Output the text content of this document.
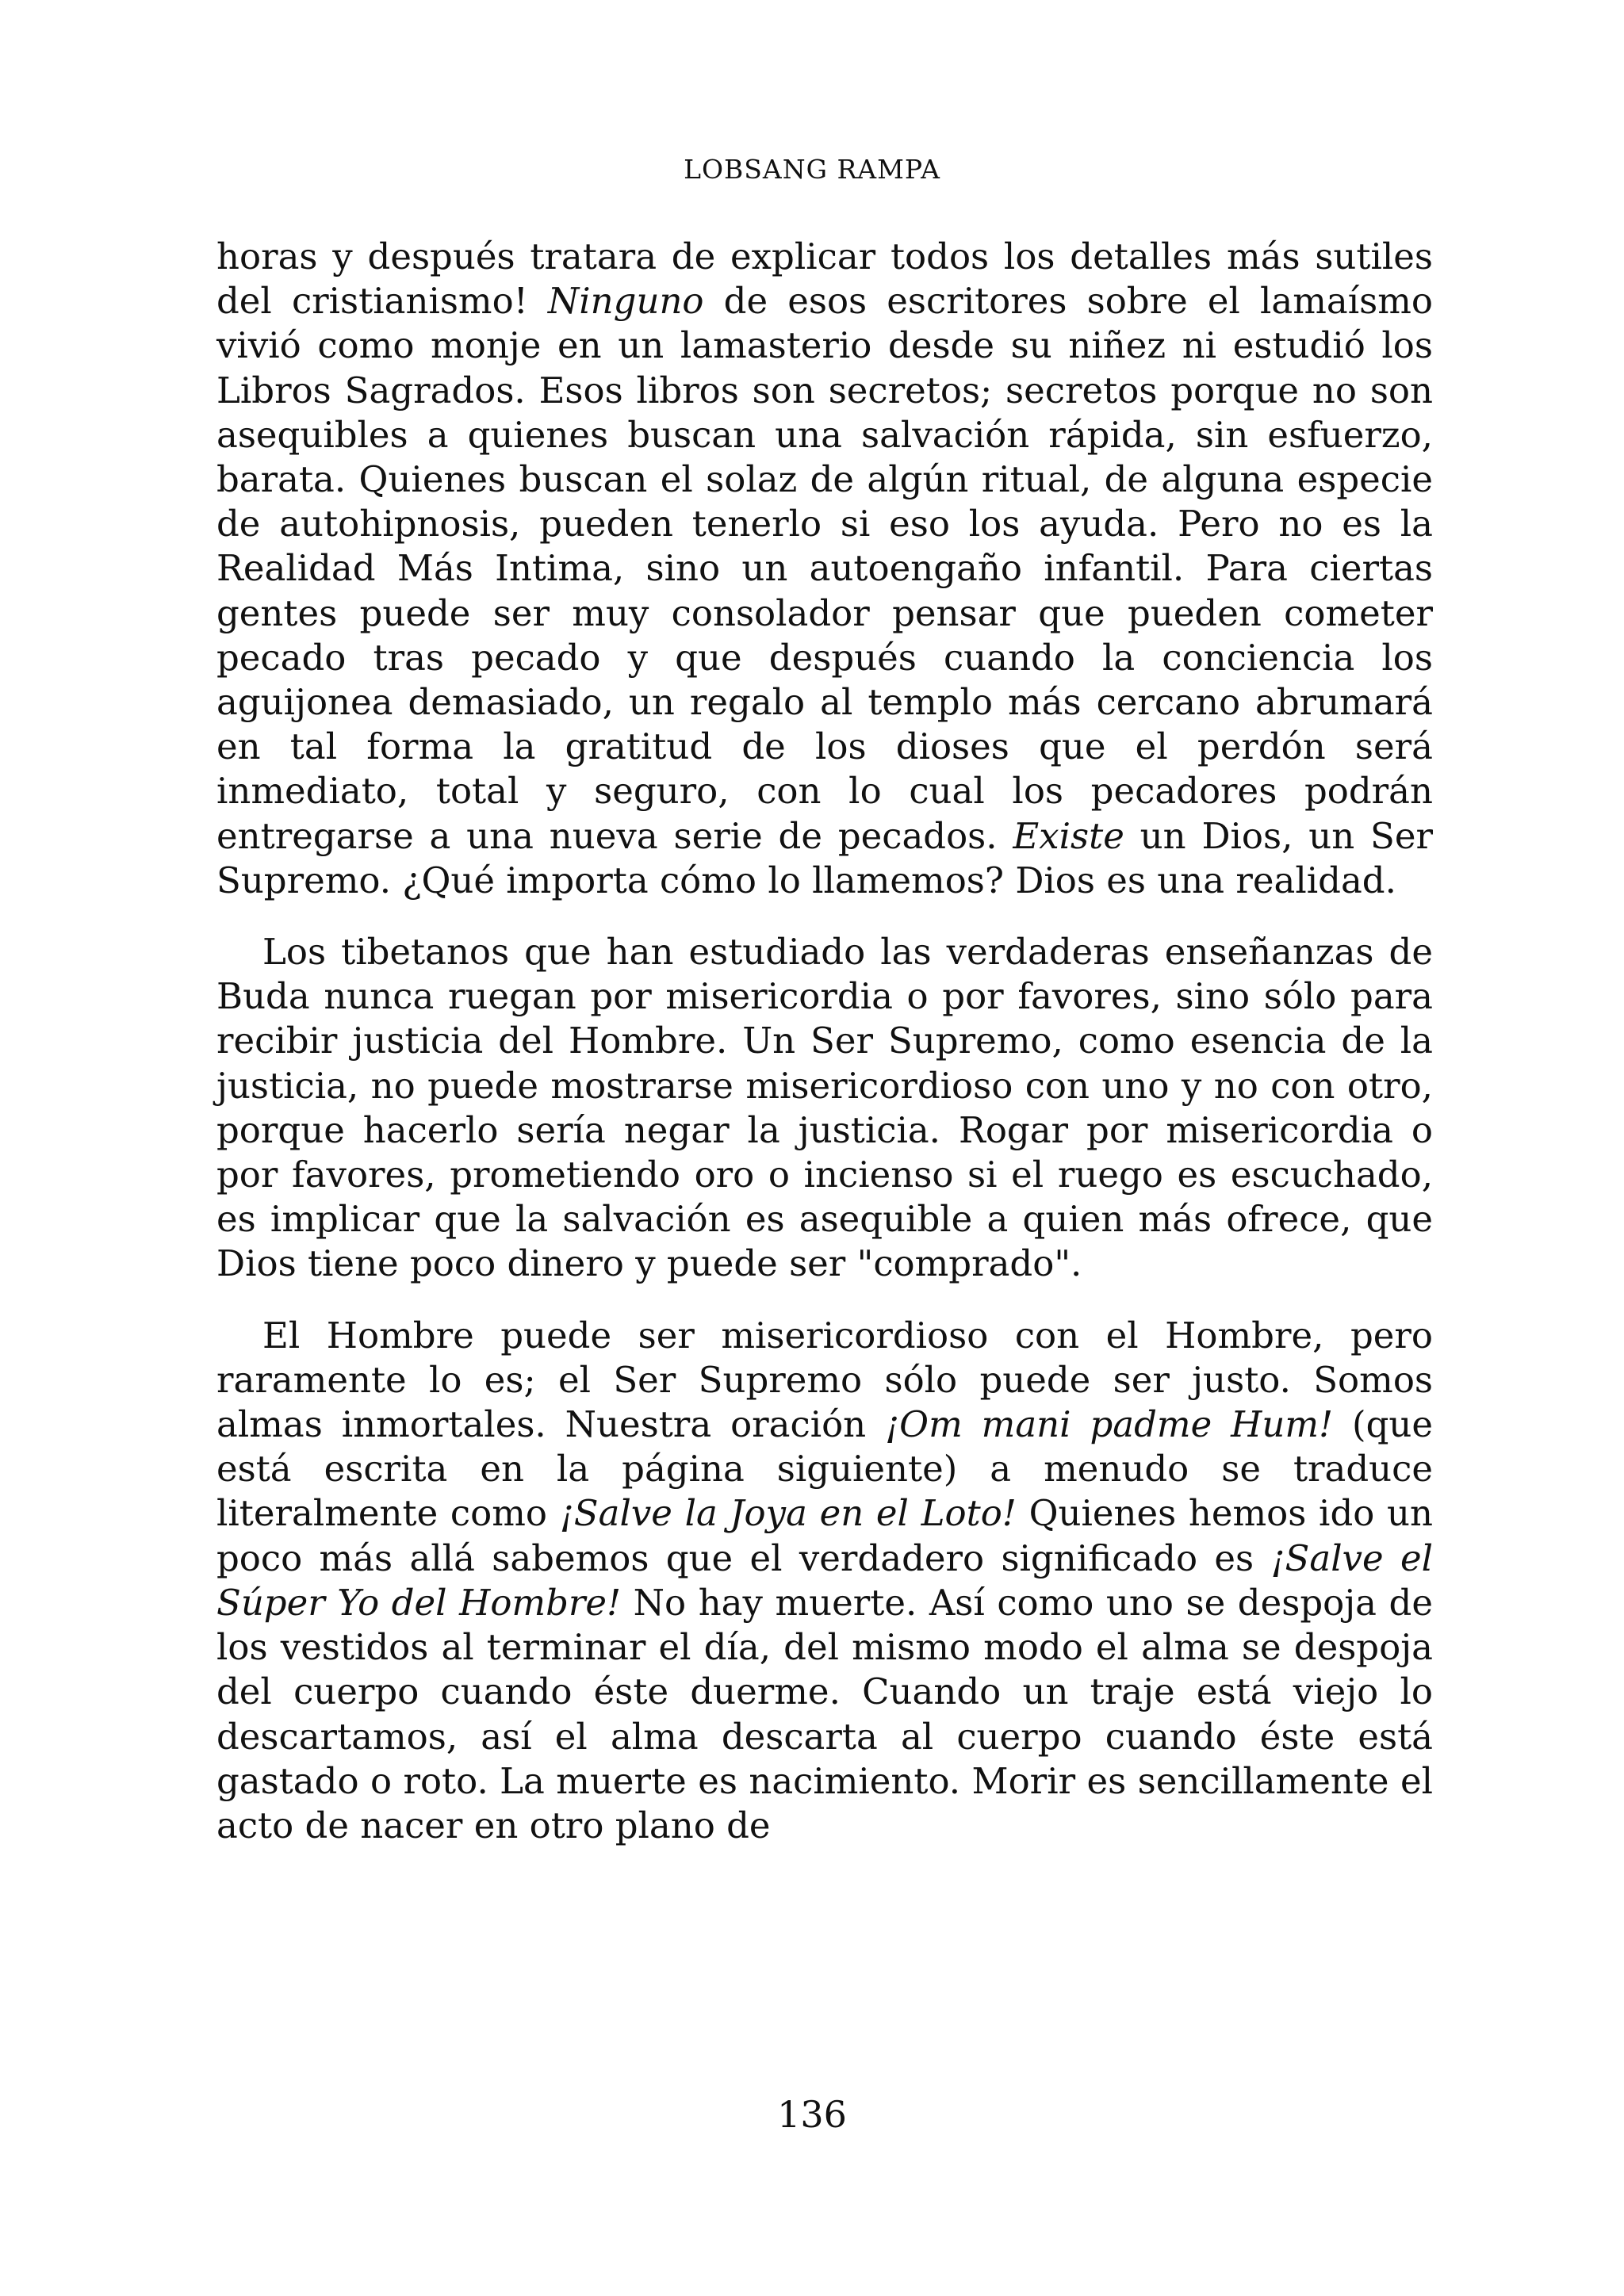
LOBSANG RAMPA

horas y después tratara de explicar todos los detalles más sutiles del cristianismo! Ninguno de esos escritores sobre el lamaísmo vivió como monje en un lamasterio desde su niñez ni estudió los Libros Sagrados. Esos libros son secretos; secretos porque no son asequibles a quienes buscan una salvación rápida, sin esfuerzo, barata. Quienes buscan el solaz de algún ritual, de alguna especie de autohipnosis, pueden tenerlo si eso los ayuda. Pero no es la Realidad Más Intima, sino un autoengaño infantil. Para ciertas gentes puede ser muy consolador pensar que pueden cometer pecado tras pecado y que después cuando la conciencia los aguijonea demasiado, un regalo al templo más cercano abrumará en tal forma la gratitud de los dioses que el perdón será inmediato, total y seguro, con lo cual los pecadores podrán entregarse a una nueva serie de pecados. Existe un Dios, un Ser Supremo. ¿Qué importa cómo lo llamemos? Dios es una realidad.

Los tibetanos que han estudiado las verdaderas enseñanzas de Buda nunca ruegan por misericordia o por favores, sino sólo para recibir justicia del Hombre. Un Ser Supremo, como esencia de la justicia, no puede mostrarse misericordioso con uno y no con otro, porque hacerlo sería negar la justicia. Rogar por misericordia o por favores, prometiendo oro o incienso si el ruego es escuchado, es implicar que la salvación es asequible a quien más ofrece, que Dios tiene poco dinero y puede ser "comprado".

El Hombre puede ser misericordioso con el Hombre, pero raramente lo es; el Ser Supremo sólo puede ser justo. Somos almas inmortales. Nuestra oración ¡Om mani padme Hum! (que está escrita en la página siguiente) a menudo se traduce literalmente como ¡Salve la Joya en el Loto! Quienes hemos ido un poco más allá sabemos que el verdadero significado es ¡Salve el Súper Yo del Hombre! No hay muerte. Así como uno se despoja de los vestidos al terminar el día, del mismo modo el alma se despoja del cuerpo cuando éste duerme. Cuando un traje está viejo lo descartamos, así el alma descarta al cuerpo cuando éste está gastado o roto. La muerte es nacimiento. Morir es sencillamente el acto de nacer en otro plano de

136
